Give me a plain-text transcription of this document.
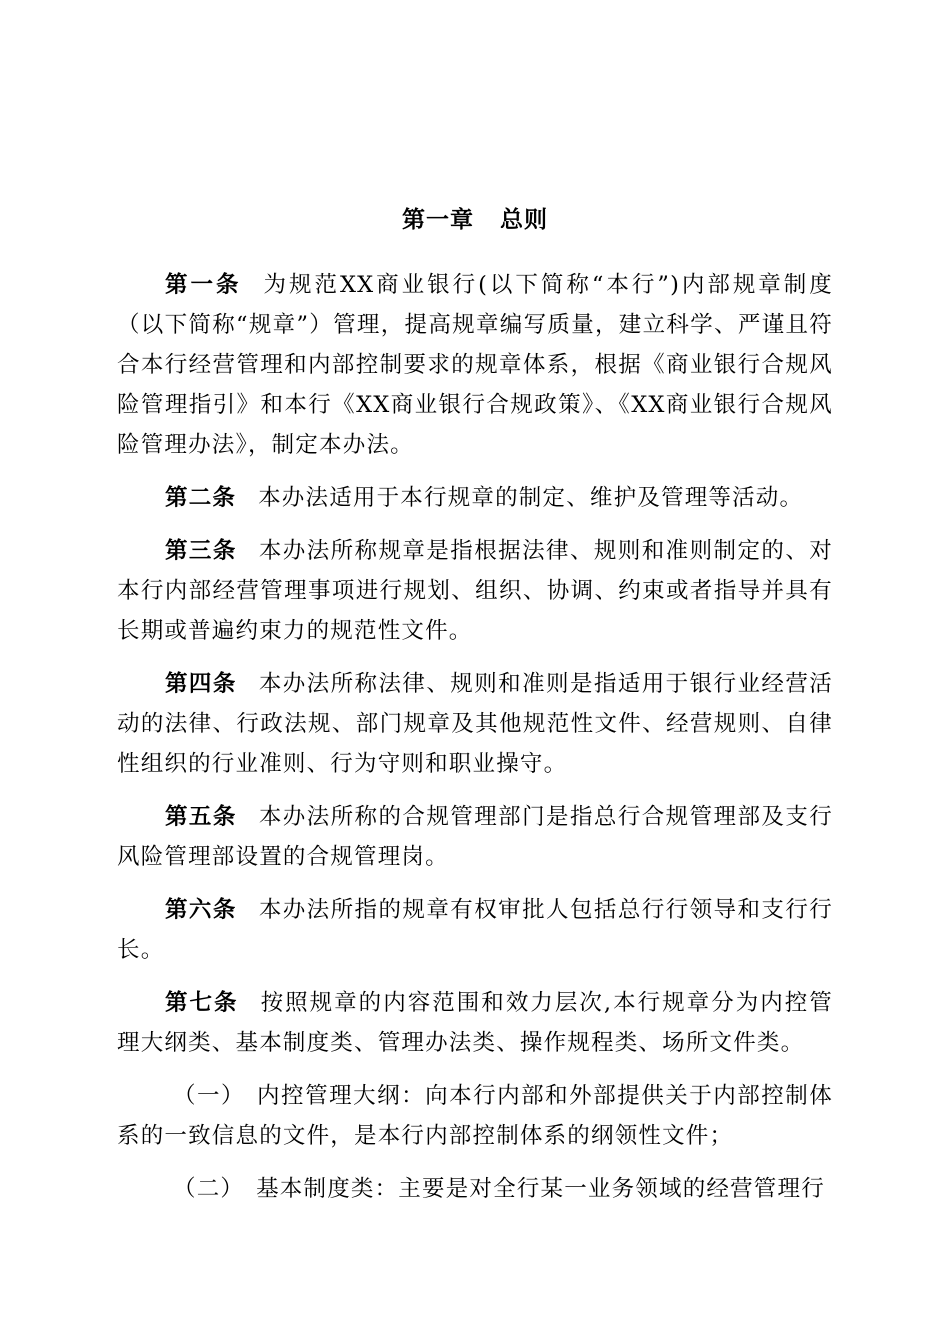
第一章 总则

第一条 为规范XX商业银行(以下简称“本行”)内部规章制度（以下简称“规章”）管理，提高规章编写质量，建立科学、严谨且符合本行经营管理和内部控制要求的规章体系，根据《商业银行合规风险管理指引》和本行《XX商业银行合规政策》、《XX商业银行合规风险管理办法》，制定本办法。

第二条 本办法适用于本行规章的制定、维护及管理等活动。

第三条 本办法所称规章是指根据法律、规则和准则制定的、对本行内部经营管理事项进行规划、组织、协调、约束或者指导并具有长期或普遍约束力的规范性文件。

第四条 本办法所称法律、规则和准则是指适用于银行业经营活动的法律、行政法规、部门规章及其他规范性文件、经营规则、自律性组织的行业准则、行为守则和职业操守。

第五条 本办法所称的合规管理部门是指总行合规管理部及支行风险管理部设置的合规管理岗。

第六条 本办法所指的规章有权审批人包括总行行领导和支行行长。

第七条 按照规章的内容范围和效力层次,本行规章分为内控管理大纲类、基本制度类、管理办法类、操作规程类、场所文件类。

（一） 内控管理大纲：向本行内部和外部提供关于内部控制体系的一致信息的文件，是本行内部控制体系的纲领性文件；

（二） 基本制度类：主要是对全行某一业务领域的经营管理行
